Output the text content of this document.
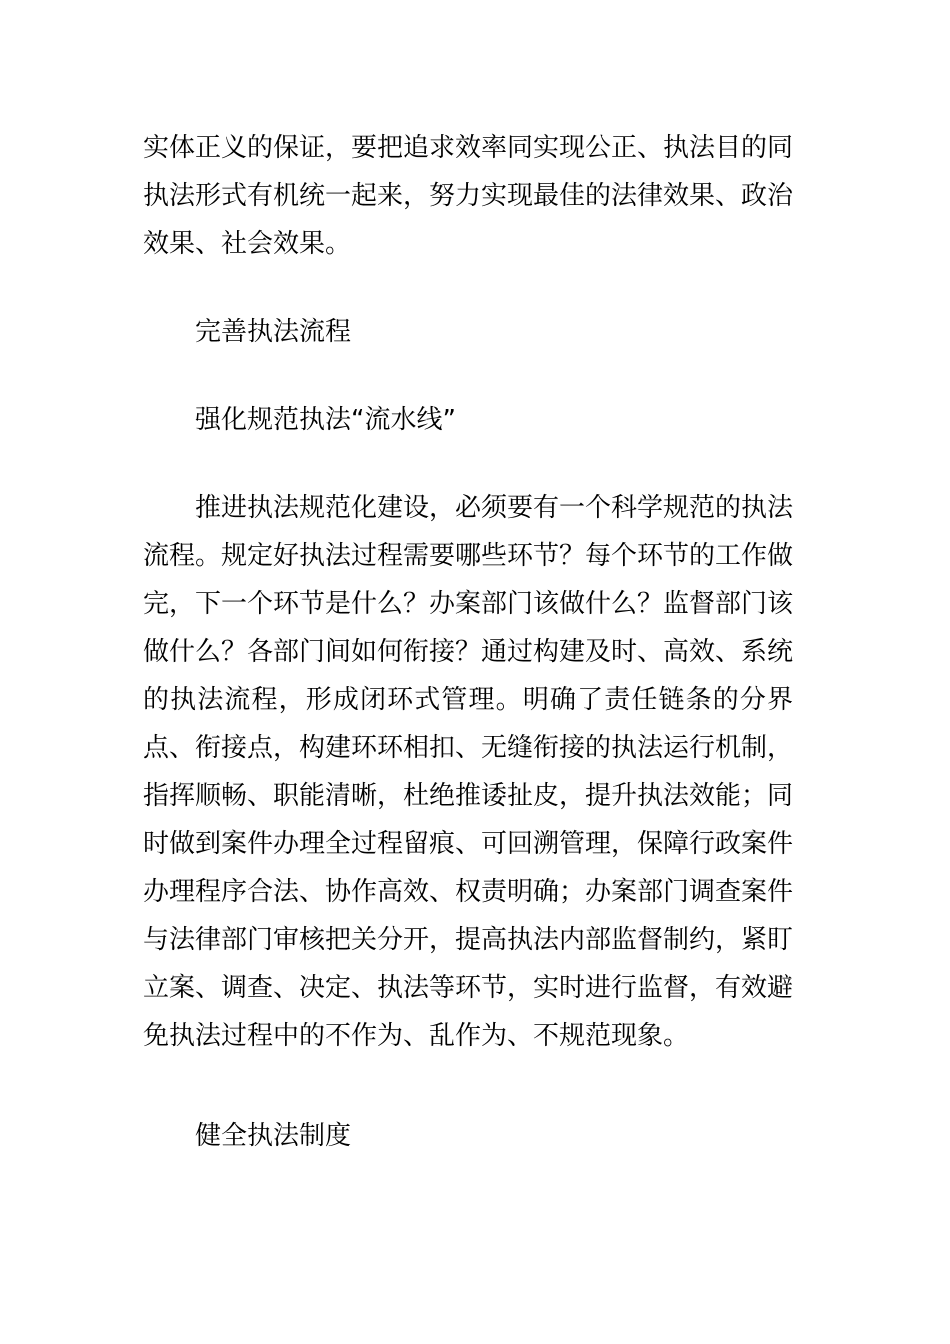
实体正义的保证，要把追求效率同实现公正、执法目的同执法形式有机统一起来，努力实现最佳的法律效果、政治效果、社会效果。

完善执法流程

强化规范执法“流水线”

推进执法规范化建设，必须要有一个科学规范的执法流程。规定好执法过程需要哪些环节？每个环节的工作做完，下一个环节是什么？办案部门该做什么？监督部门该做什么？各部门间如何衔接？通过构建及时、高效、系统的执法流程，形成闭环式管理。明确了责任链条的分界点、衔接点，构建环环相扣、无缝衔接的执法运行机制，指挥顺畅、职能清晰，杜绝推诿扯皮，提升执法效能；同时做到案件办理全过程留痕、可回溯管理，保障行政案件办理程序合法、协作高效、权责明确；办案部门调查案件与法律部门审核把关分开，提高执法内部监督制约，紧盯立案、调查、决定、执法等环节，实时进行监督，有效避免执法过程中的不作为、乱作为、不规范现象。

健全执法制度
